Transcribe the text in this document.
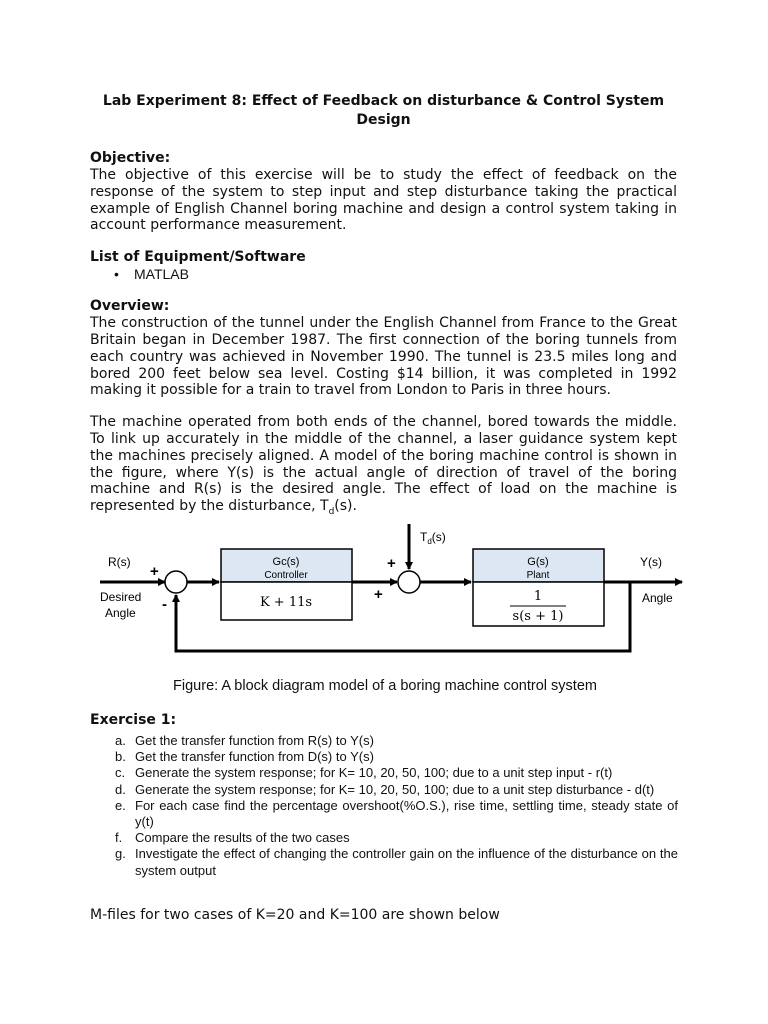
Lab Experiment 8: Effect of Feedback on disturbance & Control System Design

Objective:

The objective of this exercise will be to study the effect of feedback on the response of the system to step input and step disturbance taking the practical example of English Channel boring machine and design a control system taking in account performance measurement.

List of Equipment/Software

• MATLAB

Overview:

The construction of the tunnel under the English Channel from France to the Great Britain began in December 1987. The first connection of the boring tunnels from each country was achieved in November 1990. The tunnel is 23.5 miles long and bored 200 feet below sea level. Costing $14 billion, it was completed in 1992 making it possible for a train to travel from London to Paris in three hours.

The machine operated from both ends of the channel, bored towards the middle. To link up accurately in the middle of the channel, a laser guidance system kept the machines precisely aligned. A model of the boring machine control is shown in the figure, where Y(s) is the actual angle of direction of travel of the boring machine and R(s) is the desired angle. The effect of load on the machine is represented by the disturbance, $T_d(s)$.

R(s)
Desired
Angle
+
-
Gc(s)
Controller
K + 11s
$T_d(s)$
+
+
G(s)
Plant
1
s(s + 1)
Y(s)
Angle
Figure: A block diagram model of a boring machine control system

Exercise 1:

a. Get the transfer function from R(s) to Y(s)
b. Get the transfer function from D(s) to Y(s)
c. Generate the system response; for K= 10, 20, 50, 100; due to a unit step input - r(t)
d. Generate the system response; for K= 10, 20, 50, 100; due to a unit step disturbance - d(t)
e. For each case find the percentage overshoot(%O.S.), rise time, settling time, steady state of y(t)
f. Compare the results of the two cases
g. Investigate the effect of changing the controller gain on the influence of the disturbance on the system output
M-files for two cases of K=20 and K=100 are shown below
